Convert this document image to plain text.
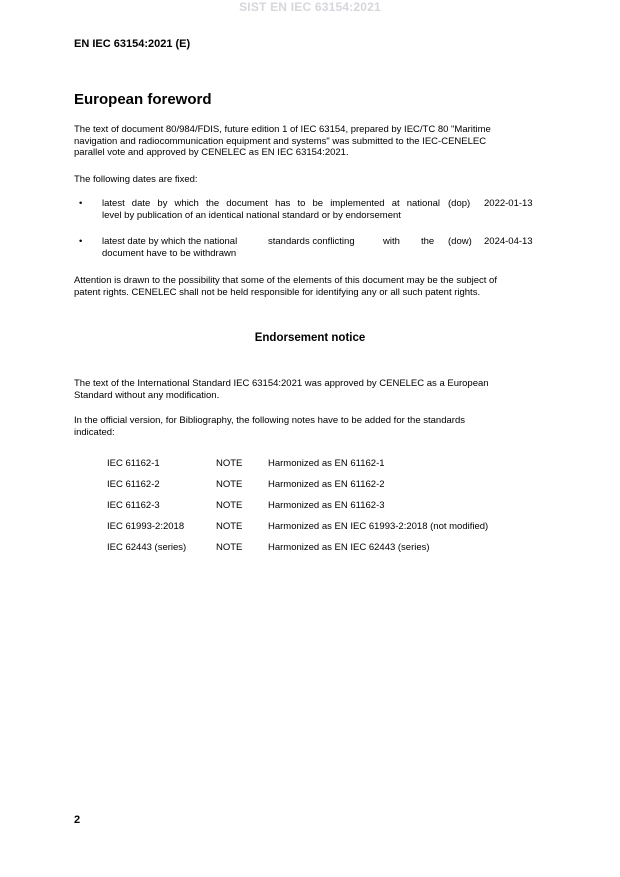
SIST EN IEC 63154:2021
EN IEC 63154:2021 (E)
European foreword
The text of document 80/984/FDIS, future edition 1 of IEC 63154, prepared by IEC/TC 80 "Maritime
navigation and radiocommunication equipment and systems" was submitted to the IEC-CENELEC
parallel vote and approved by CENELEC as EN IEC 63154:2021.
The following dates are fixed:
• latest date by which the document has to be implemented at national
level by publication of an identical national standard or by endorsement
(dop) 2022-01-13
• latest date by which the national	standards conflicting	with the
document have to be withdrawn
(dow) 2024-04-13
Attention is drawn to the possibility that some of the elements of this document may be the subject of
patent rights. CENELEC shall not be held responsible for identifying any or all such patent rights.
Endorsement notice
The text of the International Standard IEC 63154:2021 was approved by CENELEC as a European
Standard without any modification.
In the official version, for Bibliography, the following notes have to be added for the standards
indicated:
IEC 61162-1	NOTE	Harmonized as EN 61162-1
IEC 61162-2	NOTE	Harmonized as EN 61162-2
IEC 61162-3	NOTE	Harmonized as EN 61162-3
IEC 61993-2:2018	NOTE	Harmonized as EN IEC 61993-2:2018 (not modified)
IEC 62443 (series)	NOTE	Harmonized as EN IEC 62443 (series)
2
